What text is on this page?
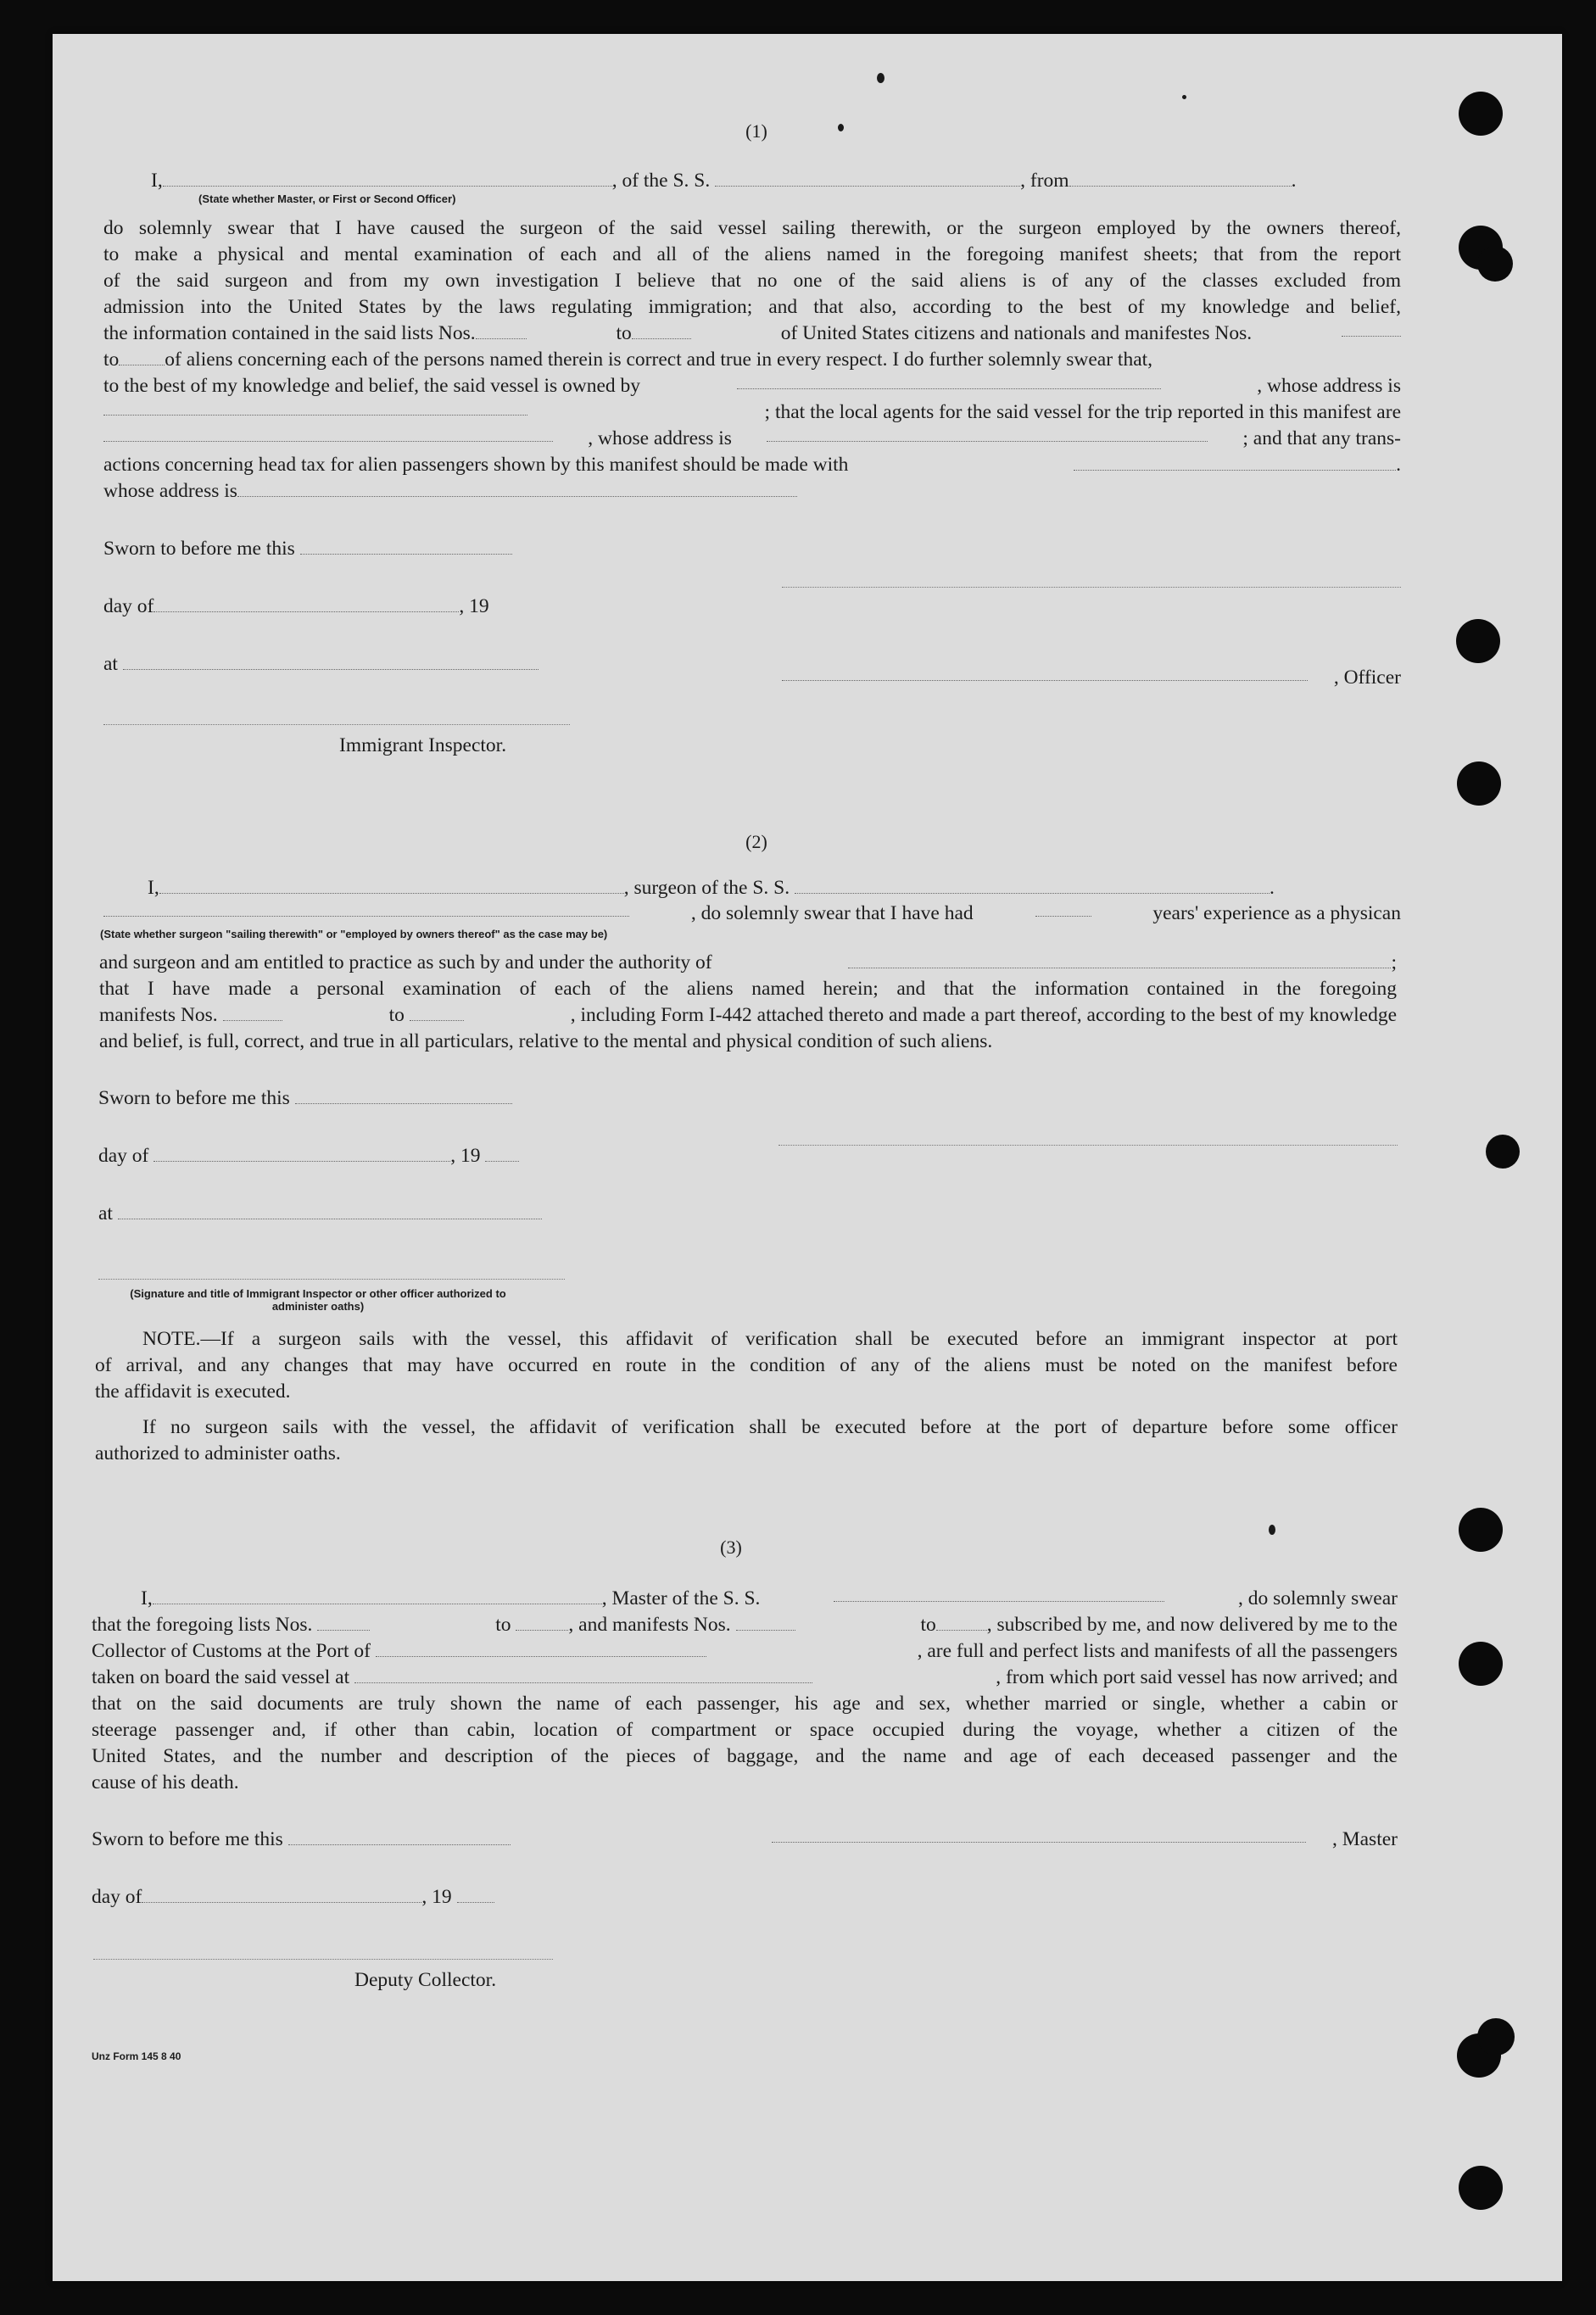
(1)
I,	, of the S. S.	, from	.
(State whether Master, or First or Second Officer)
do solemnly swear that I have caused the surgeon of the said vessel sailing therewith, or the surgeon employed by the owners thereof,
to make a physical and mental examination of each and all of the aliens named in the foregoing manifest sheets; that from the report
of the said surgeon and from my own investigation I believe that no one of the said aliens is of any of the classes excluded from
admission into the United States by the laws regulating immigration; and that also, according to the best of my knowledge and belief,
the information contained in the said lists Nos.	to	of United States citizens and nationals and manifestes Nos.
to of aliens concerning each of the persons named therein is correct and true in every respect. I do further solemnly swear that,
to the best of my knowledge and belief, the said vessel is owned by	, whose address is
; that the local agents for the said vessel for the trip reported in this manifest are
, whose address is	; and that any trans-
actions concerning head tax for alien passengers shown by this manifest should be made with	.
whose address is
Sworn to before me this
day of	, 19
at
, Officer
Immigrant Inspector.
(2)
I,	, surgeon of the S. S.	.
, do solemnly swear that I have had	years' experience as a physican
(State whether surgeon "sailing therewith" or "employed by owners thereof" as the case may be)
and surgeon and am entitled to practice as such by and under the authority of	;
that I have made a personal examination of each of the aliens named herein; and that the information contained in the foregoing
manifests Nos.	to	, including Form I-442 attached thereto and made a part thereof, according to the best of my knowledge
and belief, is full, correct, and true in all particulars, relative to the mental and physical condition of such aliens.
Sworn to before me this
day of	, 19
at
(Signature and title of Immigrant Inspector or other officer authorized to administer oaths)
NOTE.—If a surgeon sails with the vessel, this affidavit of verification shall be executed before an immigrant inspector at port
of arrival, and any changes that may have occurred en route in the condition of any of the aliens must be noted on the manifest before
the affidavit is executed.
If no surgeon sails with the vessel, the affidavit of verification shall be executed before at the port of departure before some officer
authorized to administer oaths.
(3)
I,	, Master of the S. S.	, do solemnly swear
that the foregoing lists Nos.	to	, and manifests Nos.	to	, subscribed by me, and now delivered by me to the
Collector of Customs at the Port of	, are full and perfect lists and manifests of all the passengers
taken on board the said vessel at	, from which port said vessel has now arrived; and
that on the said documents are truly shown the name of each passenger, his age and sex, whether married or single, whether a cabin or
steerage passenger and, if other than cabin, location of compartment or space occupied during the voyage, whether a citizen of the
United States, and the number and description of the pieces of baggage, and the name and age of each deceased passenger and the
cause of his death.
Sworn to before me this	, Master
day of	, 19
Deputy Collector.
Unz Form 145 8 40
